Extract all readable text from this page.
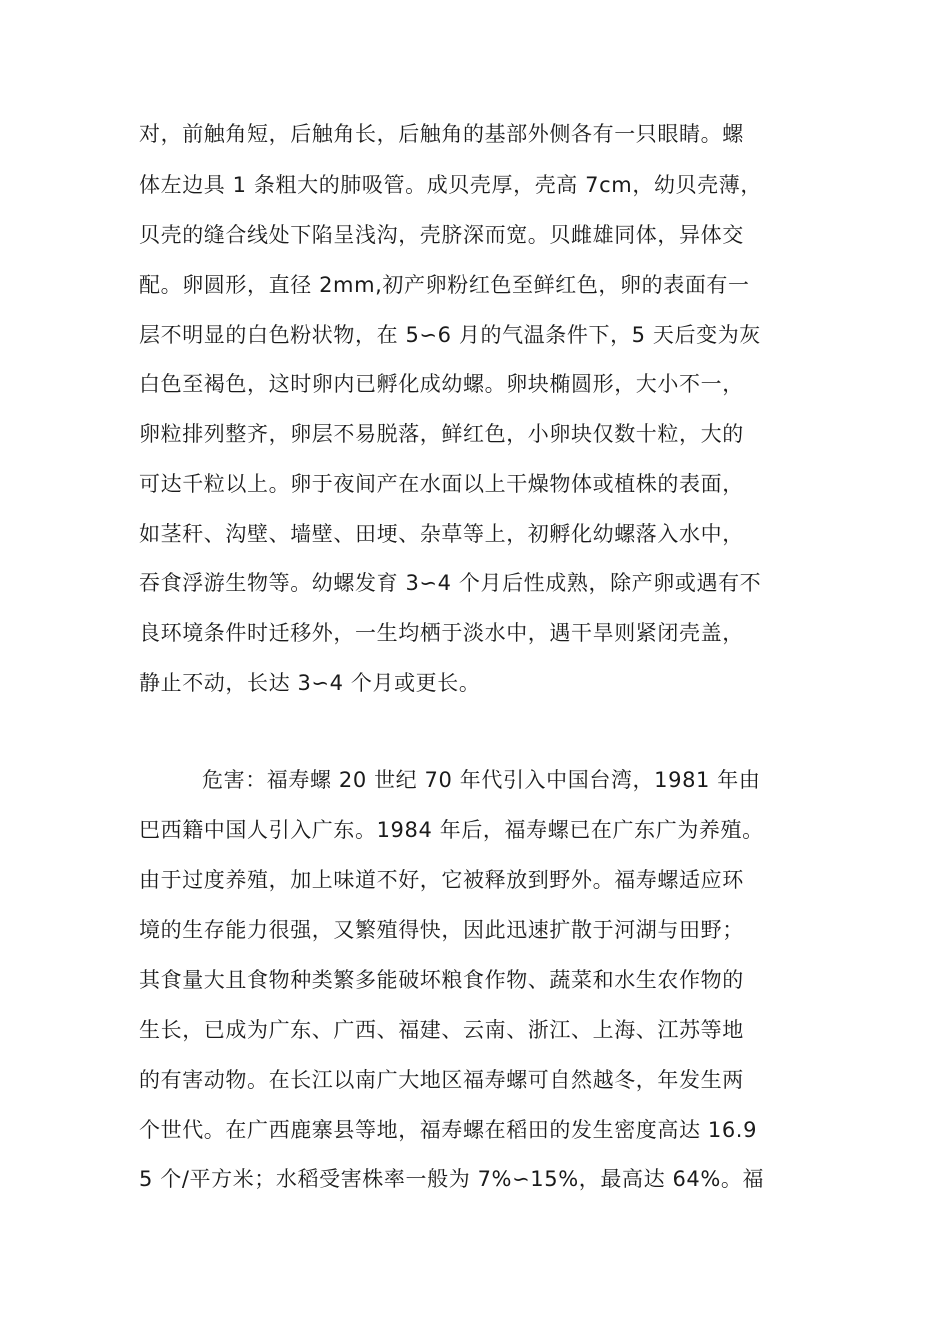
对，前触角短，后触角长，后触角的基部外侧各有一只眼睛。螺
体左边具 1 条粗大的肺吸管。成贝壳厚，壳高 7cm，幼贝壳薄，
贝壳的缝合线处下陷呈浅沟，壳脐深而宽。贝雌雄同体，异体交
配。卵圆形，直径 2mm,初产卵粉红色至鲜红色，卵的表面有一
层不明显的白色粉状物，在 5∽6 月的气温条件下，5 天后变为灰
白色至褐色，这时卵内已孵化成幼螺。卵块椭圆形，大小不一，
卵粒排列整齐，卵层不易脱落，鲜红色，小卵块仅数十粒，大的
可达千粒以上。卵于夜间产在水面以上干燥物体或植株的表面，
如茎秆、沟壁、墙壁、田埂、杂草等上，初孵化幼螺落入水中，
吞食浮游生物等。幼螺发育 3∽4 个月后性成熟，除产卵或遇有不
良环境条件时迁移外，一生均栖于淡水中，遇干旱则紧闭壳盖，
静止不动，长达 3∽4 个月或更长。
危害：福寿螺 20 世纪 70 年代引入中国台湾，1981 年由
巴西籍中国人引入广东。1984 年后，福寿螺已在广东广为养殖。
由于过度养殖，加上味道不好，它被释放到野外。福寿螺适应环
境的生存能力很强，又繁殖得快，因此迅速扩散于河湖与田野；
其食量大且食物种类繁多能破坏粮食作物、蔬菜和水生农作物的
生长，已成为广东、广西、福建、云南、浙江、上海、江苏等地
的有害动物。在长江以南广大地区福寿螺可自然越冬，年发生两
个世代。在广西鹿寨县等地，福寿螺在稻田的发生密度高达 16.9
5 个/平方米；水稻受害株率一般为 7%∽15%，最高达 64%。福
